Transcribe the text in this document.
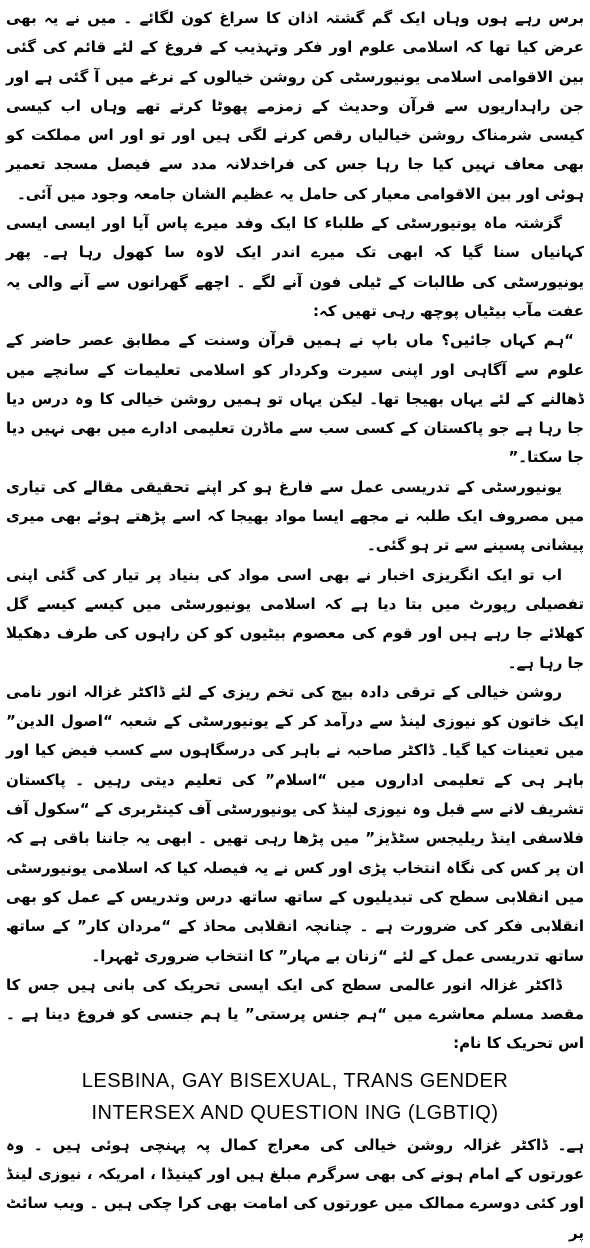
برس رہے ہوں وہاں ایک گم گشتہ اذان کا سراغ کون لگائے ۔ میں نے یہ بھی عرض کیا تھا کہ اسلامی علوم اور فکر وتہذیب کے فروغ کے لئے قائم کی گئی بین الاقوامی اسلامی یونیورسٹی کن روشن خیالوں کے نرغے میں آ گئی ہے اور جن راہداریوں سے قرآن وحدیث کے زمزمے پھوٹا کرتے تھے وہاں اب کیسی کیسی شرمناک روشن خیالیاں رقص کرنے لگی ہیں اور تو اور اس مملکت کو بھی معاف نہیں کیا جا رہا جس کی فراخدلانہ مدد سے فیصل مسجد تعمیر ہوئی اور بین الاقوامی معیار کی حامل یہ عظیم الشان جامعہ وجود میں آئی۔

گزشتہ ماہ یونیورسٹی کے طلباء کا ایک وفد میرے پاس آیا اور ایسی ایسی کہانیاں سنا گیا کہ ابھی تک میرے اندر ایک لاوہ سا کھول رہا ہے۔ پھر یونیورسٹی کی طالبات کے ٹیلی فون آنے لگے ۔ اچھے گھرانوں سے آنے والی یہ عفت مآب بیٹیاں پوچھ رہی تھیں کہ:

“ہم کہاں جائیں؟ ماں باپ نے ہمیں قرآن وسنت کے مطابق عصر حاضر کے علوم سے آگاہی اور اپنی سیرت وکردار کو اسلامی تعلیمات کے سانچے میں ڈھالنے کے لئے یہاں بھیجا تھا۔ لیکن یہاں تو ہمیں روشن خیالی کا وہ درس دیا جا رہا ہے جو پاکستان کے کسی سب سے ماڈرن تعلیمی ادارے میں بھی نہیں دیا جا سکتا۔”

یونیورسٹی کے تدریسی عمل سے فارغ ہو کر اپنے تحقیقی مقالے کی تیاری میں مصروف ایک طلبہ نے مجھے ایسا مواد بھیجا کہ اسے پڑھتے ہوئے بھی میری پیشانی پسینے سے تر ہو گئی۔

اب تو ایک انگریزی اخبار نے بھی اسی مواد کی بنیاد پر تیار کی گئی اپنی تفصیلی رپورٹ میں بتا دیا ہے کہ اسلامی یونیورسٹی میں کیسے کیسے گل کھلائے جا رہے ہیں اور قوم کی معصوم بیٹیوں کو کن راہوں کی طرف دھکیلا جا رہا ہے۔

روشن خیالی کے ترقی دادہ بیج کی تخم ریزی کے لئے ڈاکٹر غزالہ انور نامی ایک خاتون کو نیوزی لینڈ سے درآمد کر کے یونیورسٹی کے شعبہ “اصول الدین” میں تعینات کیا گیا۔ ڈاکٹر صاحبہ نے باہر کی درسگاہوں سے کسب فیض کیا اور باہر ہی کے تعلیمی اداروں میں “اسلام” کی تعلیم دیتی رہیں ۔ پاکستان تشریف لانے سے قبل وہ نیوزی لینڈ کی یونیورسٹی آف کینٹربری کے “سکول آف فلاسفی اینڈ ریلیجس سٹڈیز” میں پڑھا رہی تھیں ۔ ابھی یہ جاننا باقی ہے کہ ان پر کس کی نگاہ انتخاب پڑی اور کس نے یہ فیصلہ کیا کہ اسلامی یونیورسٹی میں انقلابی سطح کی تبدیلیوں کے ساتھ ساتھ درس وتدریس کے عمل کو بھی انقلابی فکر کی ضرورت ہے ۔ چنانچہ انقلابی محاذ کے “مردان کار” کے ساتھ ساتھ تدریسی عمل کے لئے “زنان بے مہار” کا انتخاب ضروری ٹھہرا۔

ڈاکٹر غزالہ انور عالمی سطح کی ایک ایسی تحریک کی بانی ہیں جس کا مقصد مسلم معاشرے میں “ہم جنس پرستی” یا ہم جنسی کو فروغ دینا ہے ۔ اس تحریک کا نام:

LESBINA, GAY BISEXUAL, TRANS GENDER
INTERSEX AND QUESTION ING (LGBTIQ)

ہے۔ ڈاکٹر غزالہ روشن خیالی کی معراج کمال پہ پہنچی ہوئی ہیں ۔ وہ عورتوں کے امام ہونے کی بھی سرگرم مبلغ ہیں اور کینیڈا ، امریکہ ، نیوزی لینڈ اور کئی دوسرے ممالک میں عورتوں کی امامت بھی کرا چکی ہیں ۔ ویب سائٹ پر
